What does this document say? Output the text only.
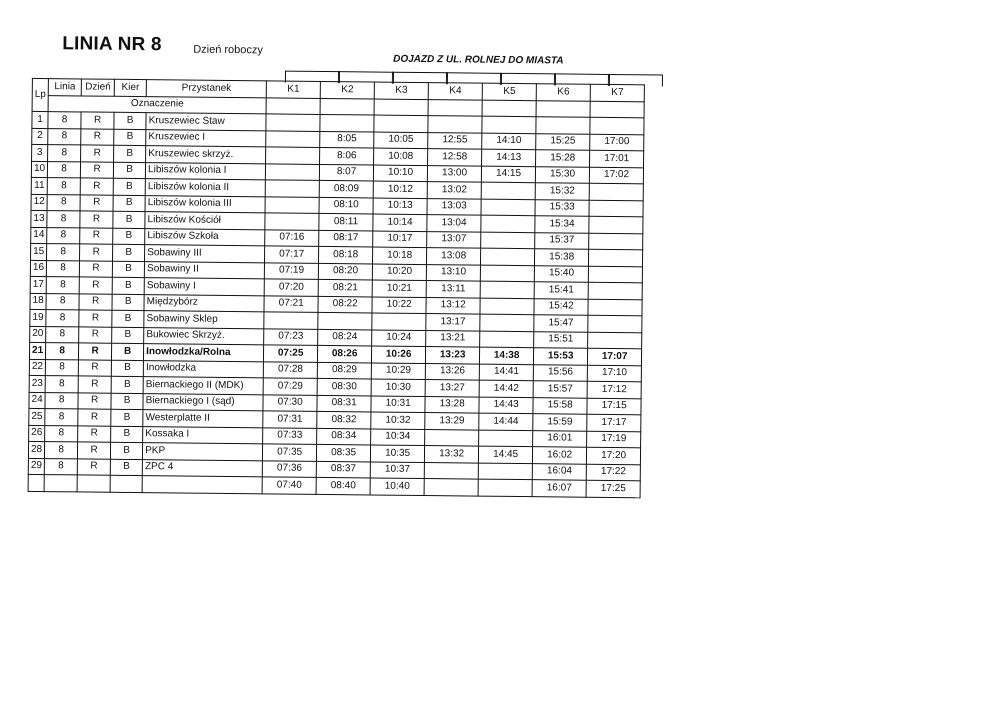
LINIA NR 8	Dzień roboczy
DOJAZD Z UL. ROLNEJ DO MIASTA
Lp	Linia	Dzień	Kier	Przystanek	K1	K2	K3	K4	K5	K6	K7
	Oznaczenie										
1	8	R	B	Kruszewiec Staw							
2	8	R	B	Kruszewiec I		8:05	10:05	12:55	14:10	15:25	17:00
3	8	R	B	Kruszewiec skrzyż.		8:06	10:08	12:58	14:13	15:28	17:01
10	8	R	B	Libiszów kolonia I		8:07	10:10	13:00	14:15	15:30	17:02
11	8	R	B	Libiszów kolonia II		08:09	10:12	13:02		15:32	
12	8	R	B	Libiszów kolonia III		08:10	10:13	13:03		15:33	
13	8	R	B	Libiszów Kościół		08:11	10:14	13:04		15:34	
14	8	R	B	Libiszów Szkoła	07:16	08:17	10:17	13:07		15:37	
15	8	R	B	Sobawiny III	07:17	08:18	10:18	13:08		15:38	
16	8	R	B	Sobawiny II	07:19	08:20	10:20	13:10		15:40	
17	8	R	B	Sobawiny I	07:20	08:21	10:21	13:11		15:41	
18	8	R	B	Międzybórz	07:21	08:22	10:22	13:12		15:42	
19	8	R	B	Sobawiny Sklep				13:17		15:47	
20	8	R	B	Bukowiec Skrzyż.	07:23	08:24	10:24	13:21		15:51	
21	8	R	B	Inowłodzka/Rolna	07:25	08:26	10:26	13:23	14:38	15:53	17:07
22	8	R	B	Inowłodzka	07:28	08:29	10:29	13:26	14:41	15:56	17:10
23	8	R	B	Biernackiego II (MDK)	07:29	08:30	10:30	13:27	14:42	15:57	17:12
24	8	R	B	Biernackiego I (sąd)	07:30	08:31	10:31	13:28	14:43	15:58	17:15
25	8	R	B	Westerplatte II	07:31	08:32	10:32	13:29	14:44	15:59	17:17
26	8	R	B	Kossaka I	07:33	08:34	10:34			16:01	17:19
28	8	R	B	PKP	07:35	08:35	10:35	13:32	14:45	16:02	17:20
29	8	R	B	ZPC 4	07:36	08:37	10:37			16:04	17:22
					07:40	08:40	10:40			16:07	17:25
